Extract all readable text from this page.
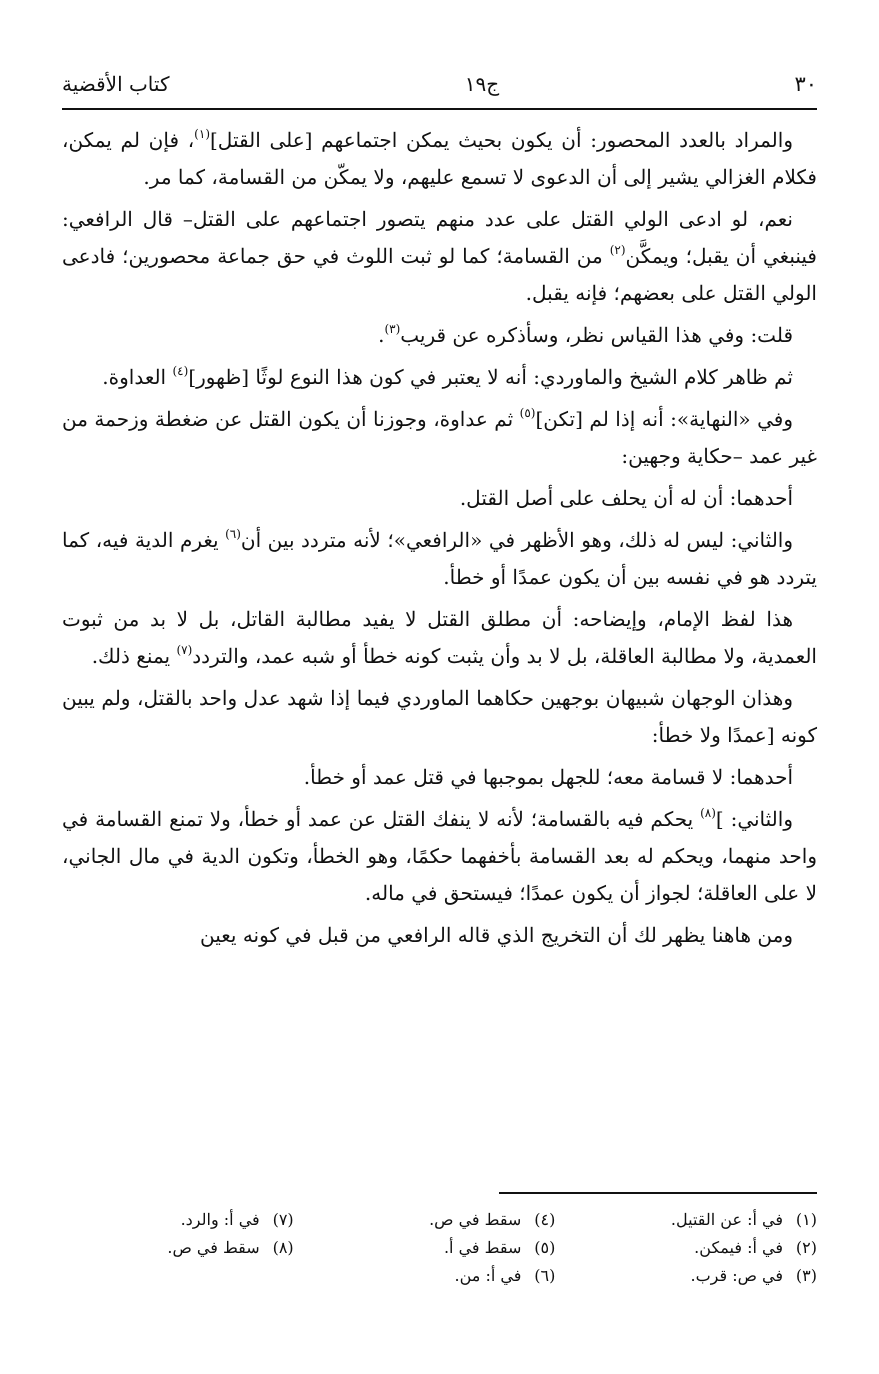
٣٠
ج١٩
كتاب الأقضية

والمراد بالعدد المحصور: أن يكون بحيث يمكن اجتماعهم [على القتل]$^{(١)}$، فإن لم يمكن، فكلام الغزالي يشير إلى أن الدعوى لا تسمع عليهم، ولا يمكّن من القسامة، كما مر.

نعم، لو ادعى الولي القتل على عدد منهم يتصور اجتماعهم على القتل– قال الرافعي: فينبغي أن يقبل؛ ويمكَّن$^{(٢)}$ من القسامة؛ كما لو ثبت اللوث في حق جماعة محصورين؛ فادعى الولي القتل على بعضهم؛ فإنه يقبل.

قلت: وفي هذا القياس نظر، وسأذكره عن قريب$^{(٣)}$.

ثم ظاهر كلام الشيخ والماوردي: أنه لا يعتبر في كون هذا النوع لوثًا [ظهور]$^{(٤)}$ العداوة.

وفي «النهاية»: أنه إذا لم [تكن]$^{(٥)}$ ثم عداوة، وجوزنا أن يكون القتل عن ضغطة وزحمة من غير عمد –حكاية وجهين:

أحدهما: أن له أن يحلف على أصل القتل.

والثاني: ليس له ذلك، وهو الأظهر في «الرافعي»؛ لأنه متردد بين أن$^{(٦)}$ يغرم الدية فيه، كما يتردد هو في نفسه بين أن يكون عمدًا أو خطأ.

هذا لفظ الإمام، وإيضاحه: أن مطلق القتل لا يفيد مطالبة القاتل، بل لا بد من ثبوت العمدية، ولا مطالبة العاقلة، بل لا بد وأن يثبت كونه خطأ أو شبه عمد، والتردد$^{(٧)}$ يمنع ذلك.

وهذان الوجهان شبيهان بوجهين حكاهما الماوردي فيما إذا شهد عدل واحد بالقتل، ولم يبين كونه [عمدًا ولا خطأ:

أحدهما: لا قسامة معه؛ للجهل بموجبها في قتل عمد أو خطأ.

والثاني: ]$^{(٨)}$ يحكم فيه بالقسامة؛ لأنه لا ينفك القتل عن عمد أو خطأ، ولا تمنع القسامة في واحد منهما، ويحكم له بعد القسامة بأخفهما حكمًا، وهو الخطأ، وتكون الدية في مال الجاني، لا على العاقلة؛ لجواز أن يكون عمدًا؛ فيستحق في ماله.

ومن هاهنا يظهر لك أن التخريج الذي قاله الرافعي من قبل في كونه يعين

(١)في أ: عن القتيل.
(٢)في أ: فيمكن.
(٣)في ص: قرب.
(٤)سقط في ص.
(٥)سقط في أ.
(٦)في أ: من.
(٧)في أ: والرد.
(٨)سقط في ص.
